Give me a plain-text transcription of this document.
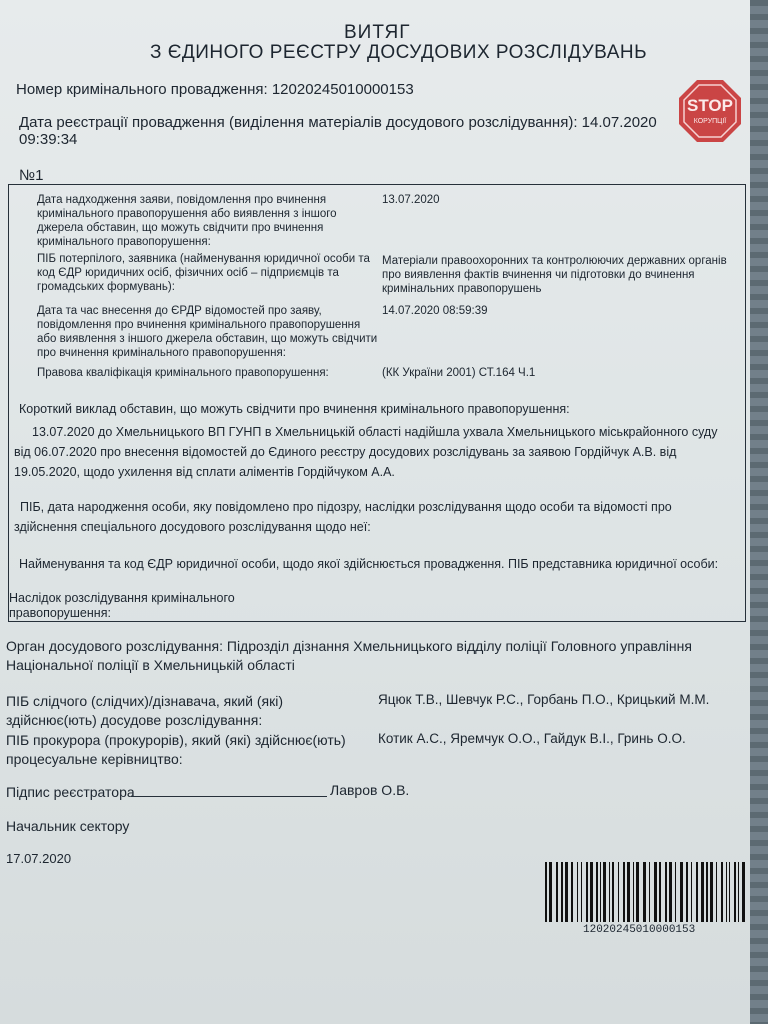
ВИТЯГ
З ЄДИНОГО РЕЄСТРУ ДОСУДОВИХ РОЗСЛІДУВАНЬ
Номер кримінального провадження: 12020245010000153
Дата реєстрації провадження (виділення матеріалів досудового розслідування): 14.07.2020
09:39:34
STOP
КОРУПЦІЇ
№1
Дата надходження заяви, повідомлення про вчинення кримінального правопорушення або виявлення з іншого джерела обставин, що можуть свідчити про вчинення кримінального правопорушення:
13.07.2020
ПІБ потерпілого, заявника (найменування юридичної особи та код ЄДР юридичних осіб, фізичних осіб – підприємців та громадських формувань):
Матеріали правоохоронних та контролюючих державних органів про виявлення фактів вчинення чи підготовки до вчинення кримінальних правопорушень
Дата та час внесення до ЄРДР відомостей про заяву, повідомлення про вчинення кримінального правопорушення або виявлення з іншого джерела обставин, що можуть свідчити про вчинення кримінального правопорушення:
14.07.2020 08:59:39
Правова кваліфікація кримінального правопорушення:	(КК України 2001) СТ.164 Ч.1
Короткий виклад обставин, що можуть свідчити про вчинення кримінального правопорушення:
13.07.2020 до Хмельницького ВП ГУНП в Хмельницькій області надійшла ухвала Хмельницького міськрайонного суду від 06.07.2020 про внесення відомостей до Єдиного реєстру досудових розслідувань за заявою Гордійчук А.В. від 19.05.2020, щодо ухилення від сплати аліментів Гордійчуком А.А.
ПІБ, дата народження особи, яку повідомлено про підозру, наслідки розслідування щодо особи та відомості про здійснення спеціального досудового розслідування щодо неї:
Найменування та код ЄДР юридичної особи, щодо якої здійснюється провадження. ПІБ представника юридичної особи:
Наслідок розслідування кримінального правопорушення:
Орган досудового розслідування: Підрозділ дізнання Хмельницького відділу поліції Головного управління Національної поліції в Хмельницькій області
ПІБ слідчого (слідчих)/дізнавача, який (які) здійснює(ють) досудове розслідування:
Яцюк Т.В., Шевчук Р.С., Горбань П.О., Крицький М.М.
ПІБ прокурора (прокурорів), який (які) здійснює(ють) процесуальне керівництво:
Котик А.С., Яремчук О.О., Гайдук В.І., Гринь О.О.
Підпис реєстратора	Лавров О.В.
Начальник сектору
17.07.2020
12020245010000153
